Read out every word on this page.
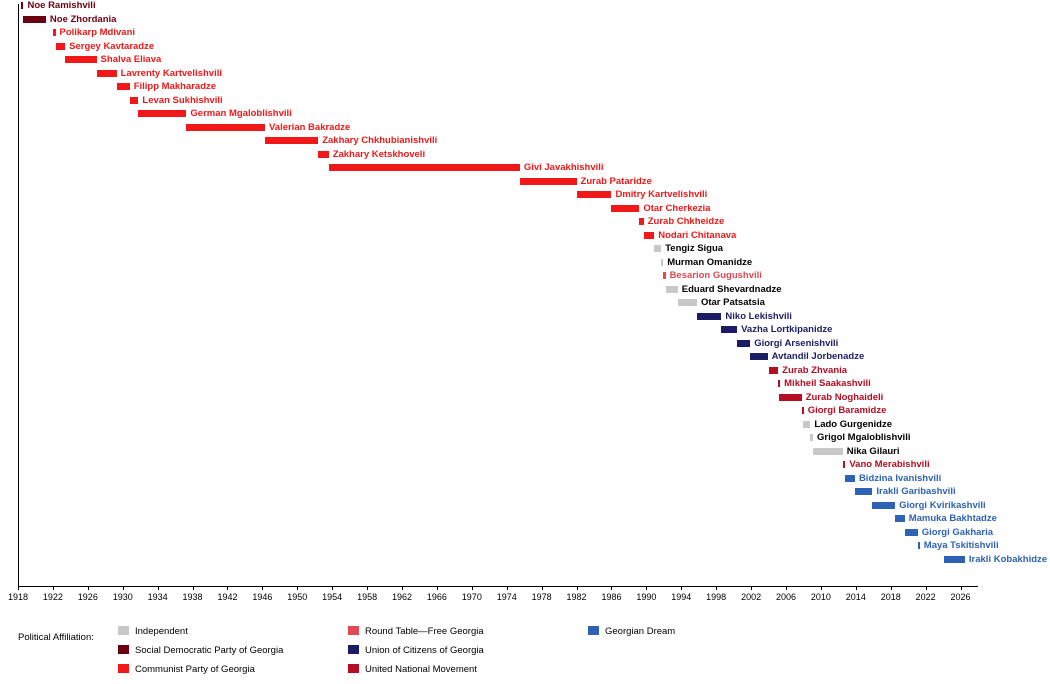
1918 1922 1926 1930 1934 1938 1942 1946 1950 1954 1958 1962 1966 1970 1974 1978 1982 1986 1990 1994 1998 2002 2006 2010 2014 2018 2022 2026
Noe Ramishvili
Noe Zhordania
Polikarp Mdivani
Sergey Kavtaradze
Shalva Eliava
Lavrenty Kartvelishvili
Filipp Makharadze
Levan Sukhishvili
German Mgaloblishvili
Valerian Bakradze
Zakhary Chkhubianishvili
Zakhary Ketskhoveli
Givi Javakhishvili
Zurab Pataridze
Dmitry Kartvelishvili
Otar Cherkezia
Zurab Chkheidze
Nodari Chitanava
Tengiz Sigua
Murman Omanidze
Besarion Gugushvili
Eduard Shevardnadze
Otar Patsatsia
Niko Lekishvili
Vazha Lortkipanidze
Giorgi Arsenishvili
Avtandil Jorbenadze
Zurab Zhvania
Mikheil Saakashvili
Zurab Noghaideli
Giorgi Baramidze
Lado Gurgenidze
Grigol Mgaloblishvili
Nika Gilauri
Vano Merabishvili
Bidzina Ivanishvili
Irakli Garibashvili
Giorgi Kvirikashvili
Mamuka Bakhtadze
Giorgi Gakharia
Maya Tskitishvili
Irakli Kobakhidze
Political Affiliation:
Independent
Social Democratic Party of Georgia
Communist Party of Georgia
Round Table—Free Georgia
Union of Citizens of Georgia
United National Movement
Georgian Dream
